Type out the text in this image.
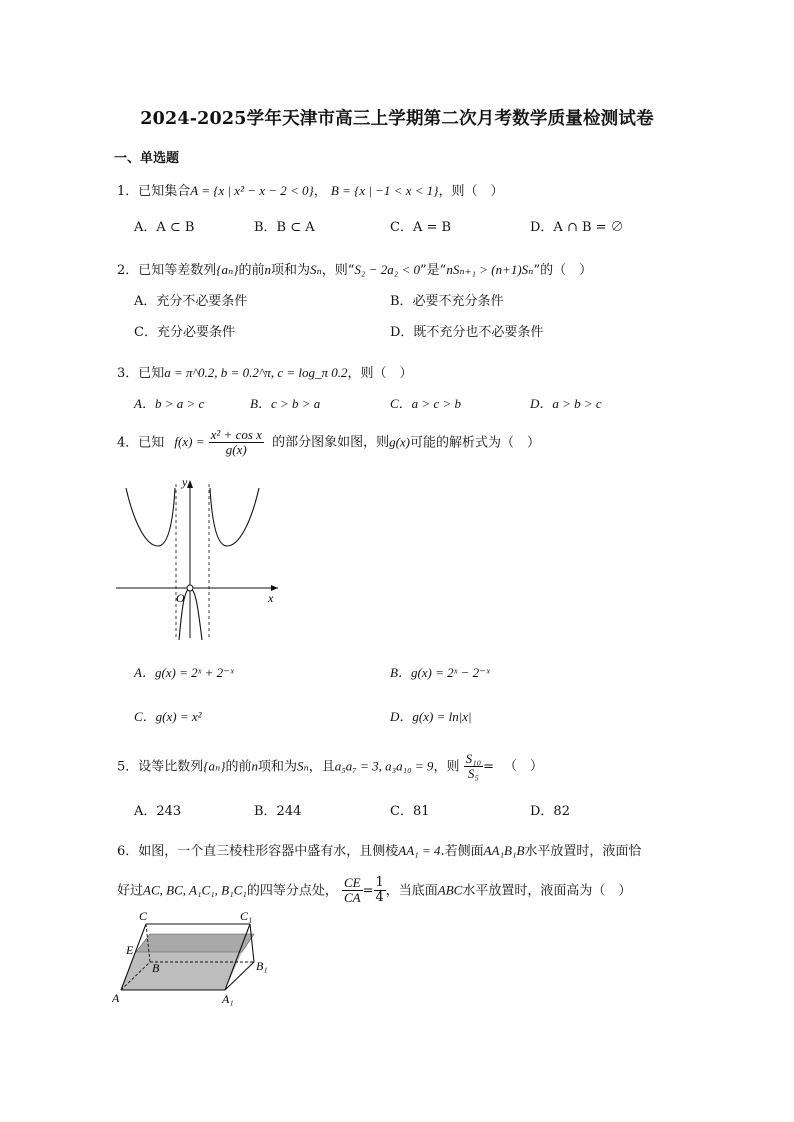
2024-2025学年天津市高三上学期第二次月考数学质量检测试卷
一、单选题
1．已知集合A = {x | x² − x − 2 < 0}， B = {x | −1 < x < 1}，则（　）
A．A ⊂ B	B．B ⊂ A	C．A = B	D．A ∩ B = ∅
2．已知等差数列{aₙ}的前n项和为Sₙ，则“S₂ − 2a₂ < 0”是“nSₙ₊₁ > (n+1)Sₙ”的（　）
A．充分不必要条件	B．必要不充分条件
C．充分必要条件	D．既不充分也不必要条件
3．已知a = π^0.2, b = 0.2^π, c = log_π 0.2，则（　）
A．b > a > c	B．c > b > a	C．a > c > b	D．a > b > c
4．已知 $f(x) = \frac{\text{x² + cos x}}{g(x)}$ 的部分图象如图，则g(x)可能的解析式为（　）
y
x
O
A．g(x) = 2ˣ + 2⁻ˣ	B．g(x) = 2ˣ − 2⁻ˣ
C．g(x) = x²	D．g(x) = ln|x|
5．设等比数列{aₙ}的前n项和为Sₙ，且a₅a₇ = 3, a₃a₁₀ = 9，则 $\frac{\text{S₁₀}}{\text{S₅}}$ = （　）
A．243	B．244	C．81	D．82
6．如图，一个直三棱柱形容器中盛有水，且侧棱AA₁ = 4.若侧面AA₁B₁B水平放置时，液面恰
好过AC, BC, A₁C₁, B₁C₁的四等分点处， $\frac{CE}{CA} = \frac{1}{4}$ ，当底面ABC水平放置时，液面高为（　）
C	C₁
E
B	B₁
A	A₁
